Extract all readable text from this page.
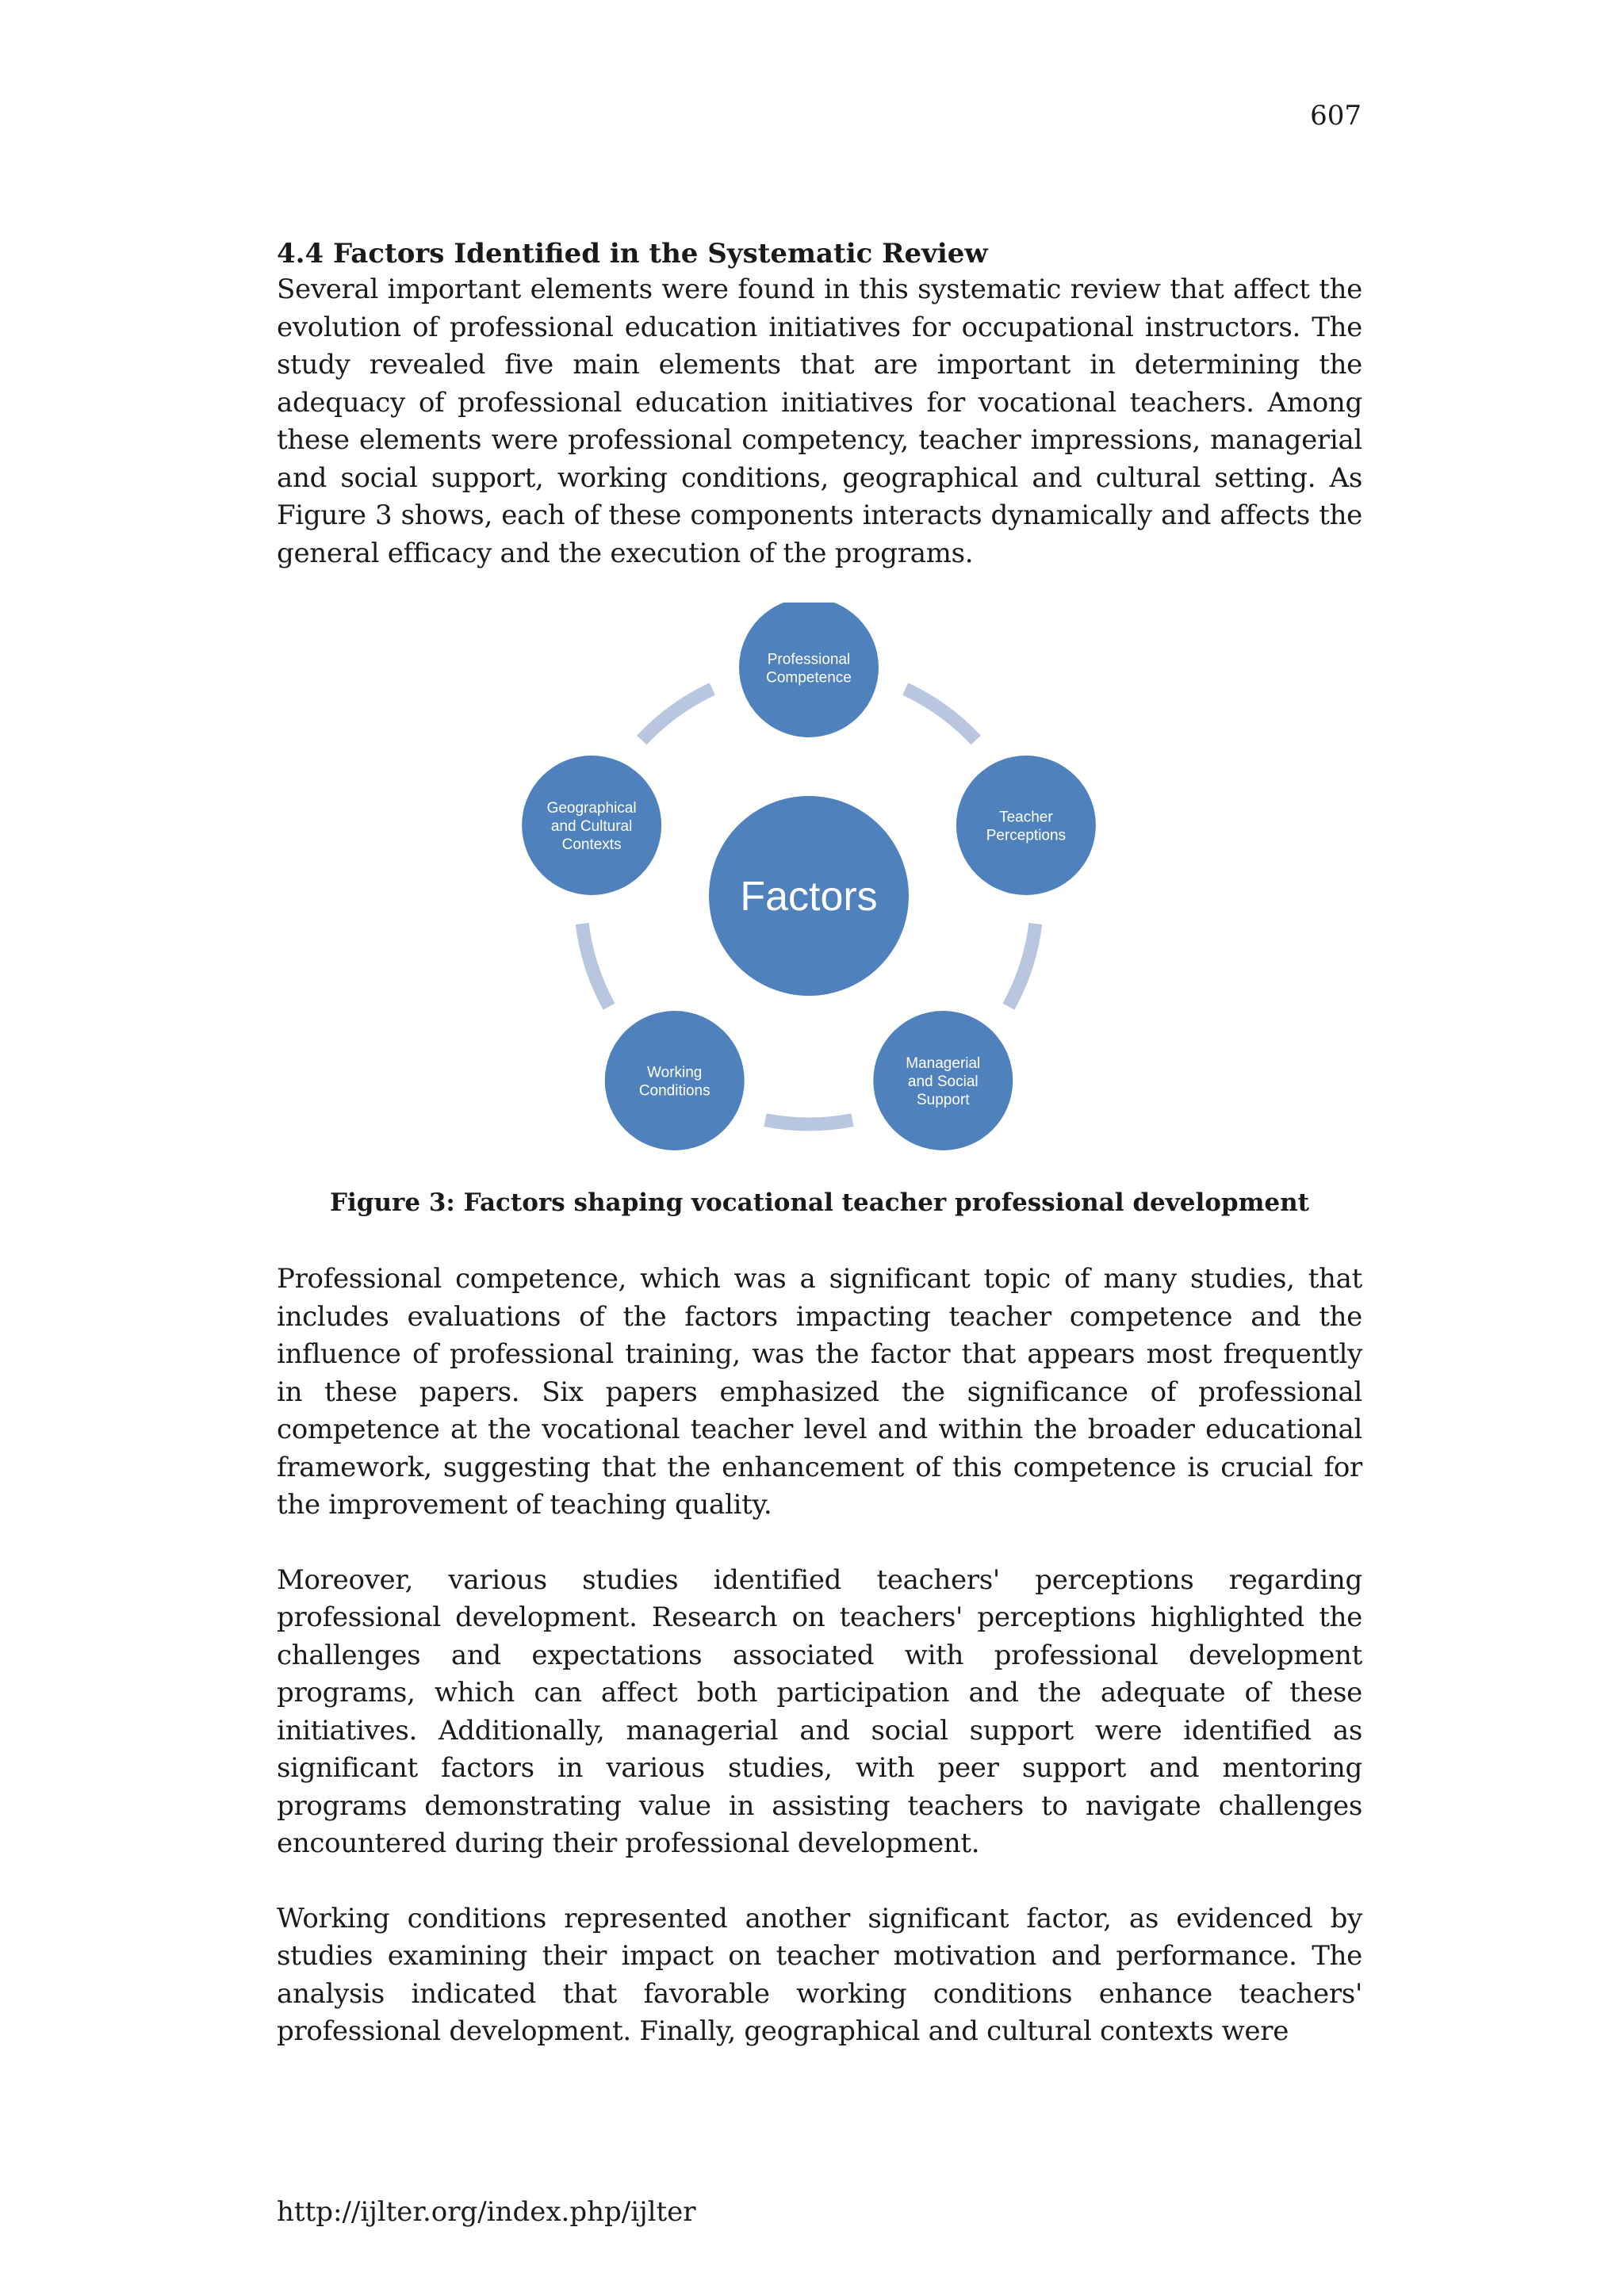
607

4.4 Factors Identified in the Systematic Review

Several important elements were found in this systematic review that affect the evolution of professional education initiatives for occupational instructors. The study revealed five main elements that are important in determining the adequacy of professional education initiatives for vocational teachers. Among these elements were professional competency, teacher impressions, managerial and social support, working conditions, geographical and cultural setting. As Figure 3 shows, each of these components interacts dynamically and affects the general efficacy and the execution of the programs.

Factors
Professional
Competence
Teacher
Perceptions
Managerial
and Social
Support
Working
Conditions
Geographical
and Cultural
Contexts
Figure 3: Factors shaping vocational teacher professional development

Professional competence, which was a significant topic of many studies, that includes evaluations of the factors impacting teacher competence and the influence of professional training, was the factor that appears most frequently in these papers. Six papers emphasized the significance of professional competence at the vocational teacher level and within the broader educational framework, suggesting that the enhancement of this competence is crucial for the improvement of teaching quality.

Moreover, various studies identified teachers' perceptions regarding professional development. Research on teachers' perceptions highlighted the challenges and expectations associated with professional development programs, which can affect both participation and the adequate of these initiatives. Additionally, managerial and social support were identified as significant factors in various studies, with peer support and mentoring programs demonstrating value in assisting teachers to navigate challenges encountered during their professional development.

Working conditions represented another significant factor, as evidenced by studies examining their impact on teacher motivation and performance. The analysis indicated that favorable working conditions enhance teachers' professional development. Finally, geographical and cultural contexts were

http://ijlter.org/index.php/ijlter
